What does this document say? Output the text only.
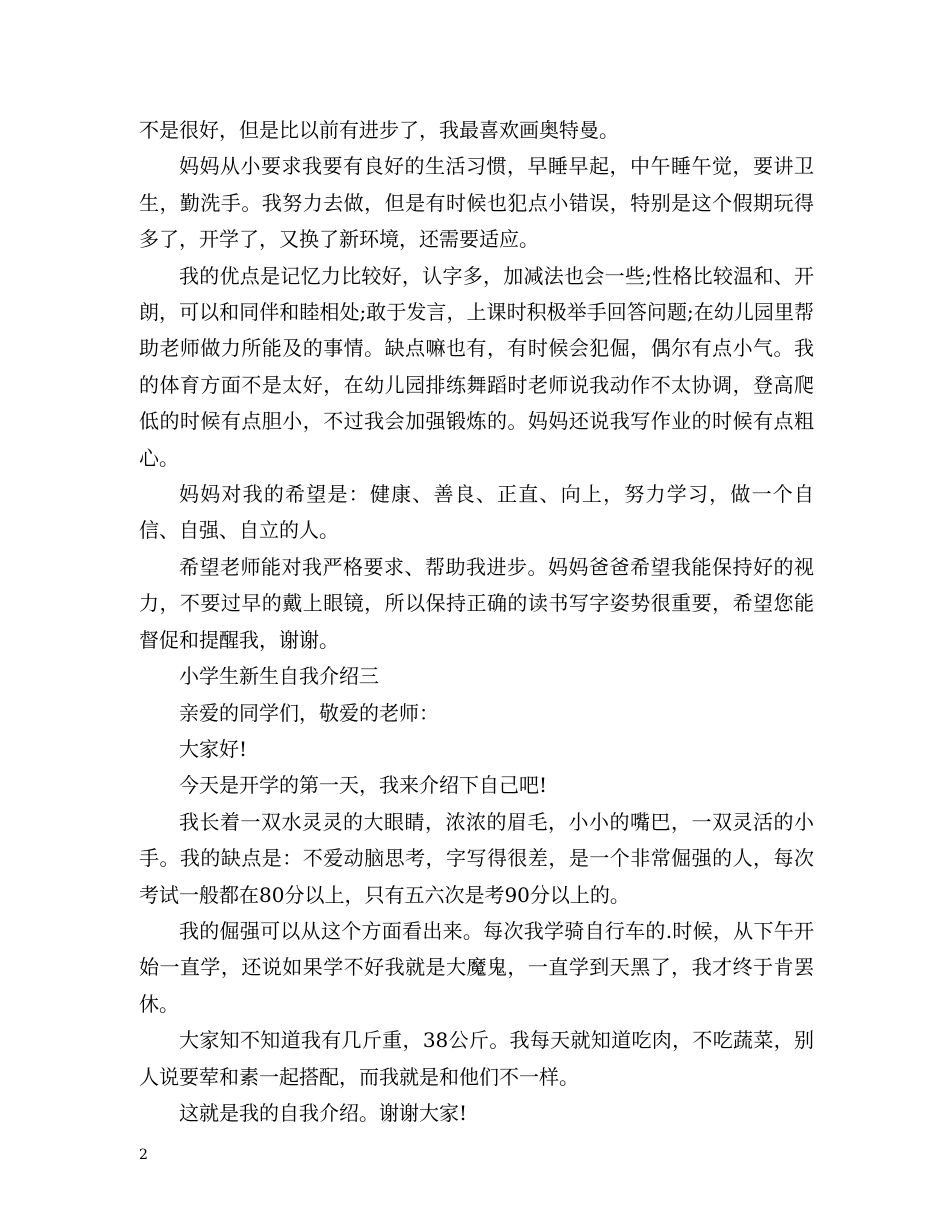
不是很好，但是比以前有进步了，我最喜欢画奥特曼。

妈妈从小要求我要有良好的生活习惯，早睡早起，中午睡午觉，要讲卫生，勤洗手。我努力去做，但是有时候也犯点小错误，特别是这个假期玩得多了，开学了，又换了新环境，还需要适应。

我的优点是记忆力比较好，认字多，加减法也会一些;性格比较温和、开朗，可以和同伴和睦相处;敢于发言，上课时积极举手回答问题;在幼儿园里帮助老师做力所能及的事情。缺点嘛也有，有时候会犯倔，偶尔有点小气。我的体育方面不是太好，在幼儿园排练舞蹈时老师说我动作不太协调，登高爬低的时候有点胆小，不过我会加强锻炼的。妈妈还说我写作业的时候有点粗心。

妈妈对我的希望是：健康、善良、正直、向上，努力学习，做一个自信、自强、自立的人。

希望老师能对我严格要求、帮助我进步。妈妈爸爸希望我能保持好的视力，不要过早的戴上眼镜，所以保持正确的读书写字姿势很重要，希望您能督促和提醒我，谢谢。

小学生新生自我介绍三

亲爱的同学们，敬爱的老师：

大家好!

今天是开学的第一天，我来介绍下自己吧!

我长着一双水灵灵的大眼睛，浓浓的眉毛，小小的嘴巴，一双灵活的小手。我的缺点是：不爱动脑思考，字写得很差，是一个非常倔强的人，每次考试一般都在80分以上，只有五六次是考90分以上的。

我的倔强可以从这个方面看出来。每次我学骑自行车的.时候，从下午开始一直学，还说如果学不好我就是大魔鬼，一直学到天黑了，我才终于肯罢休。

大家知不知道我有几斤重，38公斤。我每天就知道吃肉，不吃蔬菜，别人说要荤和素一起搭配，而我就是和他们不一样。

这就是我的自我介绍。谢谢大家!

2
